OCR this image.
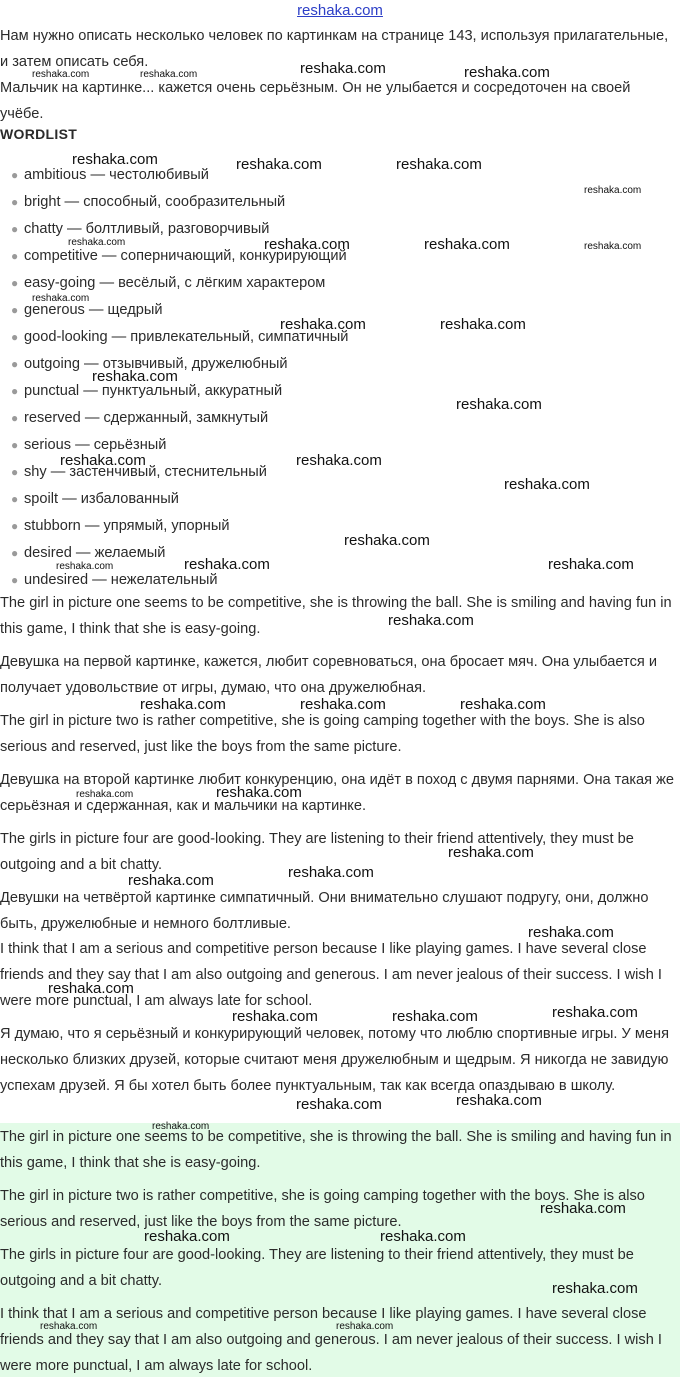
reshaka.com

Нам нужно описать несколько человек по картинкам на странице 143, используя прилагательные, и затем описать себя.

Мальчик на картинке... кажется очень серьёзным. Он не улыбается и сосредоточен на своей учёбе.

WORDLIST
● ambitious — честолюбивый
● bright — способный, сообразительный
● chatty — болтливый, разговорчивый
● competitive — соперничающий, конкурирующий
● easy-going — весёлый, с лёгким характером
● generous — щедрый
● good-looking — привлекательный, симпатичный
● outgoing — отзывчивый, дружелюбный
● punctual — пунктуальный, аккуратный
● reserved — сдержанный, замкнутый
● serious — серьёзный
● shy — застенчивый, стеснительный
● spoilt — избалованный
● stubborn — упрямый, упорный
● desired — желаемый
● undesired — нежелательный

The girl in picture one seems to be competitive, she is throwing the ball. She is smiling and having fun in this game, I think that she is easy-going.

Девушка на первой картинке, кажется, любит соревноваться, она бросает мяч. Она улыбается и получает удовольствие от игры, думаю, что она дружелюбная.

The girl in picture two is rather competitive, she is going camping together with the boys. She is also serious and reserved, just like the boys from the same picture.

Девушка на второй картинке любит конкуренцию, она идёт в поход с двумя парнями. Она такая же серьёзная и сдержанная, как и мальчики на картинке.

The girls in picture four are good-looking. They are listening to their friend attentively, they must be outgoing and a bit chatty.

Девушки на четвёртой картинке симпатичный. Они внимательно слушают подругу, они, должно быть, дружелюбные и немного болтливые.

I think that I am a serious and competitive person because I like playing games. I have several close friends and they say that I am also outgoing and generous. I am never jealous of their success. I wish I were more punctual, I am always late for school.

Я думаю, что я серьёзный и конкурирующий человек, потому что люблю спортивные игры. У меня несколько близких друзей, которые считают меня дружелюбным и щедрым. Я никогда не завидую успехам друзей. Я бы хотел быть более пунктуальным, так как всегда опаздываю в школу.

The girl in picture one seems to be competitive, she is throwing the ball. She is smiling and having fun in this game, I think that she is easy-going.

The girl in picture two is rather competitive, she is going camping together with the boys. She is also serious and reserved, just like the boys from the same picture.

The girls in picture four are good-looking. They are listening to their friend attentively, they must be outgoing and a bit chatty.

I think that I am a serious and competitive person because I like playing games. I have several close friends and they say that I am also outgoing and generous. I am never jealous of their success. I wish I were more punctual, I am always late for school.

reshaka.com	reshaka.com
reshaka.com	reshaka.com
reshaka.com	reshaka.com	reshaka.com
reshaka.com
reshaka.com	reshaka.com	reshaka.com	reshaka.com
reshaka.com
reshaka.com	reshaka.com
reshaka.com
reshaka.com
reshaka.com	reshaka.com
reshaka.com
reshaka.com
reshaka.com	reshaka.com	reshaka.com
reshaka.com
reshaka.com	reshaka.com	reshaka.com
reshaka.com	reshaka.com
reshaka.com
reshaka.com
reshaka.com
reshaka.com
reshaka.com
reshaka.com	reshaka.com	reshaka.com
reshaka.com	reshaka.com
reshaka.com
reshaka.com
reshaka.com	reshaka.com
reshaka.com
reshaka.com	reshaka.com
